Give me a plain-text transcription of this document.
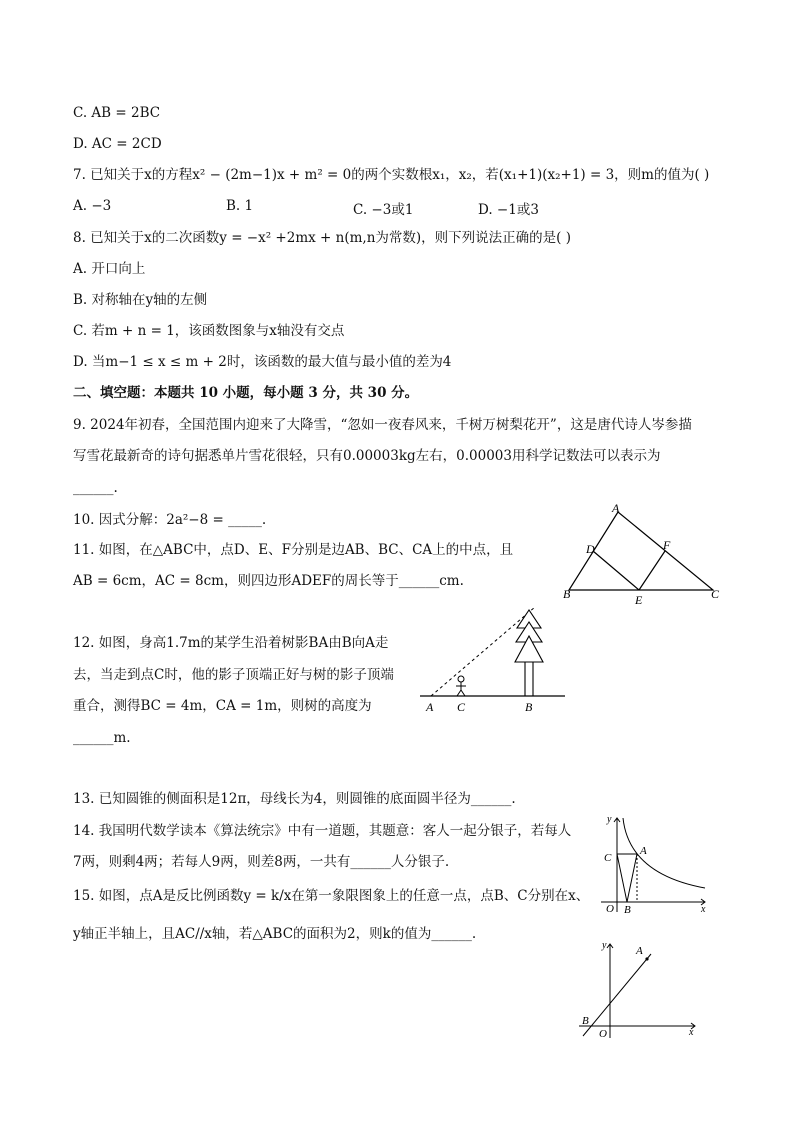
C. AB = 2BC
D. AC = 2CD
7. 已知关于x的方程x² − (2m−1)x + m² = 0的两个实数根x₁，x₂，若(x₁+1)(x₂+1) = 3，则m的值为( )
A. −3	B. 1	C. −3或1	D. −1或3
8. 已知关于x的二次函数y = −x² +2mx + n(m,n为常数)，则下列说法正确的是( )
A. 开口向上
B. 对称轴在y轴的左侧
C. 若m + n = 1，该函数图象与x轴没有交点
D. 当m−1 ≤ x ≤ m + 2时，该函数的最大值与最小值的差为4
二、填空题：本题共 10 小题，每小题 3 分，共 30 分。
9. 2024年初春，全国范围内迎来了大降雪，“忽如一夜春风来，千树万树梨花开”，这是唐代诗人岑参描
写雪花最新奇的诗句据悉单片雪花很轻，只有0.00003kg左右，0.00003用科学记数法可以表示为
______.
10. 因式分解：2a²−8 = _____.
11. 如图，在△ABC中，点D、E、F分别是边AB、BC、CA上的中点，且
AB = 6cm，AC = 8cm，则四边形ADEF的周长等于______cm.
12. 如图，身高1.7m的某学生沿着树影BA由B向A走
去，当走到点C时，他的影子顶端正好与树的影子顶端
重合，测得BC = 4m，CA = 1m，则树的高度为
______m.
13. 已知圆锥的侧面积是12π，母线长为4，则圆锥的底面圆半径为______.
14. 我国明代数学读本《算法统宗》中有一道题，其题意：客人一起分银子，若每人
7两，则剩4两；若每人9两，则差8两，一共有______人分银子.
15. 如图，点A是反比例函数y = k/x在第一象限图象上的任意一点，点B、C分别在x、
y轴正半轴上，且AC//x轴，若△ABC的面积为2，则k的值为______.
A
D	F
B	E	C
A C	B
y
x
O
A
B
C
y
x
O
A
B
